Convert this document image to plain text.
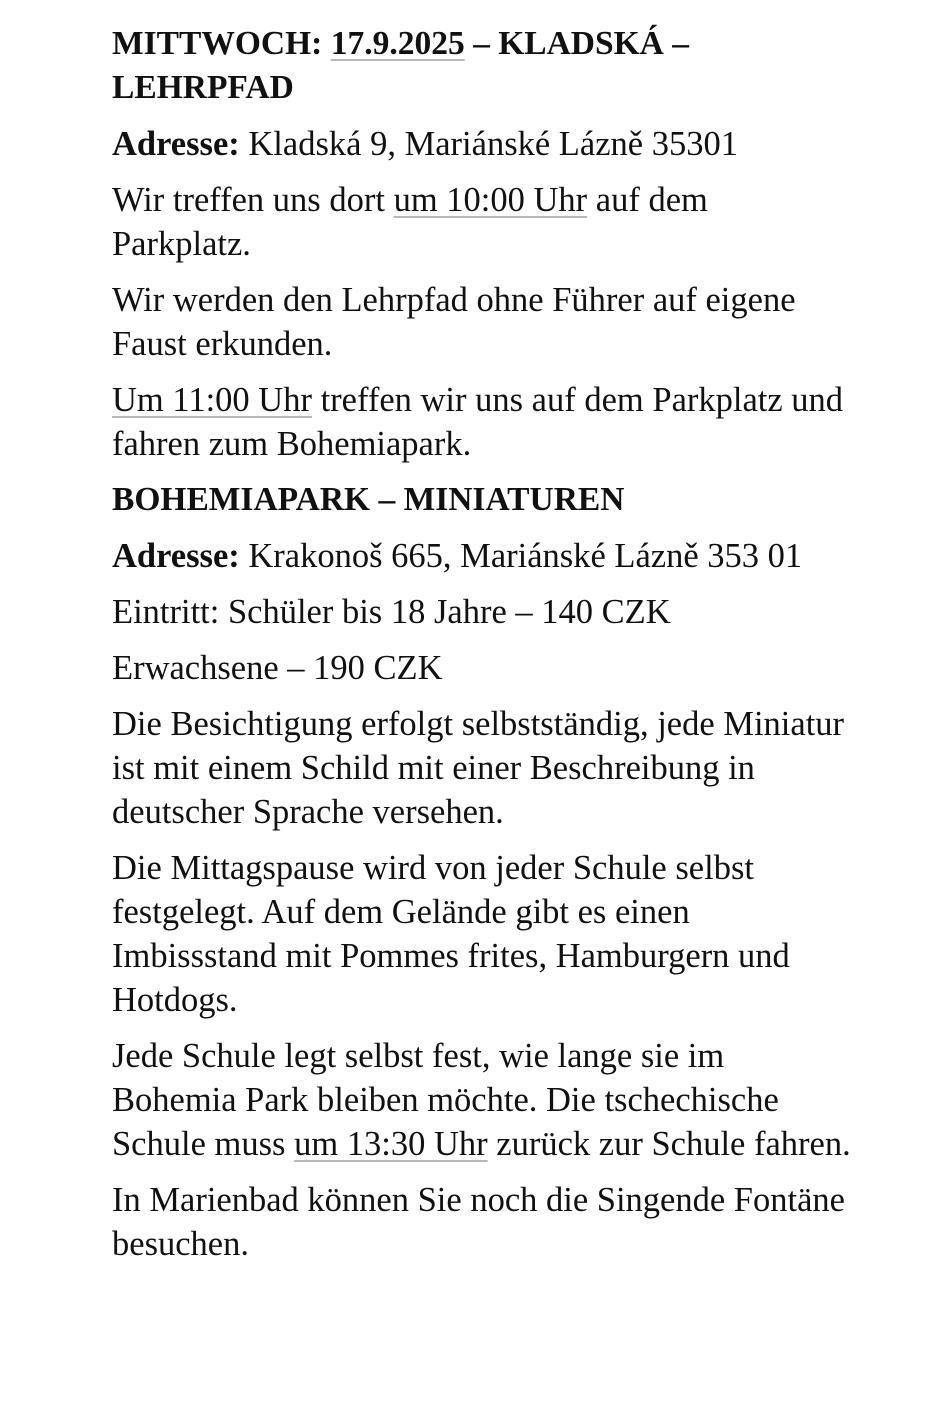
MITTWOCH: 17.9.2025 – KLADSKÁ – LEHRPFAD

Adresse: Kladská 9, Mariánské Lázně 35301

Wir treffen uns dort um 10:00 Uhr auf dem Parkplatz.

Wir werden den Lehrpfad ohne Führer auf eigene Faust erkunden.

Um 11:00 Uhr treffen wir uns auf dem Parkplatz und fahren zum Bohemiapark.

BOHEMIAPARK – MINIATUREN

Adresse: Krakonoš 665, Mariánské Lázně 353 01

Eintritt: Schüler bis 18 Jahre – 140 CZK

Erwachsene – 190 CZK

Die Besichtigung erfolgt selbstständig, jede Miniatur ist mit einem Schild mit einer Beschreibung in deutscher Sprache versehen.

Die Mittagspause wird von jeder Schule selbst festgelegt. Auf dem Gelände gibt es einen Imbissstand mit Pommes frites, Hamburgern und Hotdogs.

Jede Schule legt selbst fest, wie lange sie im Bohemia Park bleiben möchte. Die tschechische Schule muss um 13:30 Uhr zurück zur Schule fahren.

In Marienbad können Sie noch die Singende Fontäne besuchen.
